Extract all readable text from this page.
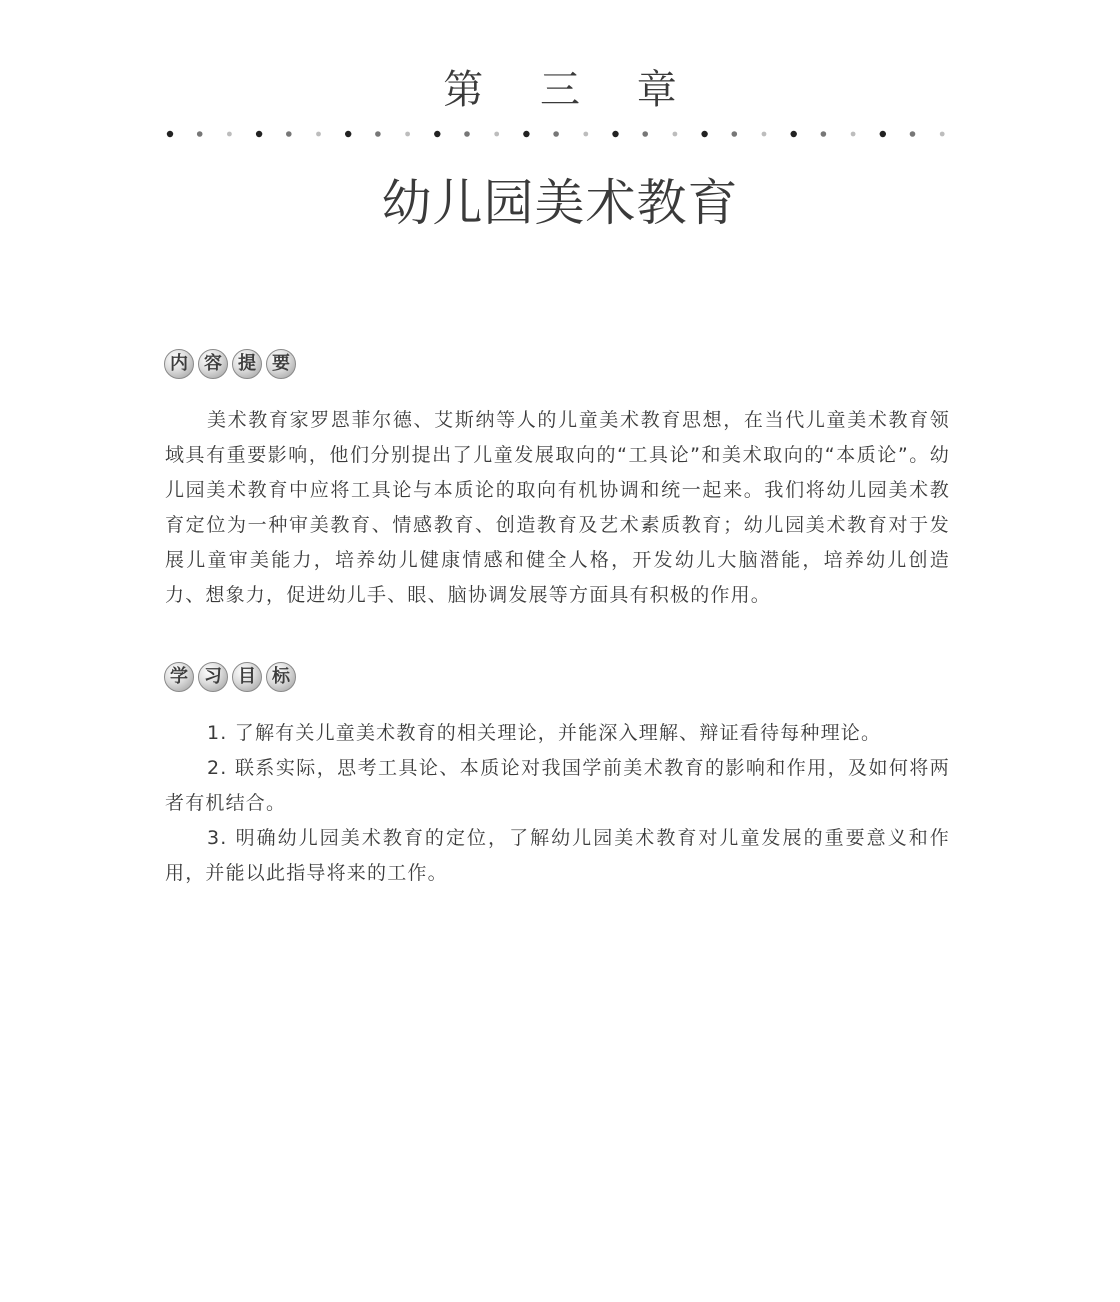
第 三 章
幼儿园美术教育
内 容 提 要

美术教育家罗恩菲尔德、艾斯纳等人的儿童美术教育思想，在当代儿童美术教育领域具有重要影响，他们分别提出了儿童发展取向的“工具论”和美术取向的“本质论”。幼儿园美术教育中应将工具论与本质论的取向有机协调和统一起来。我们将幼儿园美术教育定位为一种审美教育、情感教育、创造教育及艺术素质教育；幼儿园美术教育对于发展儿童审美能力，培养幼儿健康情感和健全人格，开发幼儿大脑潜能，培养幼儿创造力、想象力，促进幼儿手、眼、脑协调发展等方面具有积极的作用。

学 习 目 标

1. 了解有关儿童美术教育的相关理论，并能深入理解、辩证看待每种理论。

2. 联系实际，思考工具论、本质论对我国学前美术教育的影响和作用，及如何将两者有机结合。

3. 明确幼儿园美术教育的定位，了解幼儿园美术教育对儿童发展的重要意义和作用，并能以此指导将来的工作。
